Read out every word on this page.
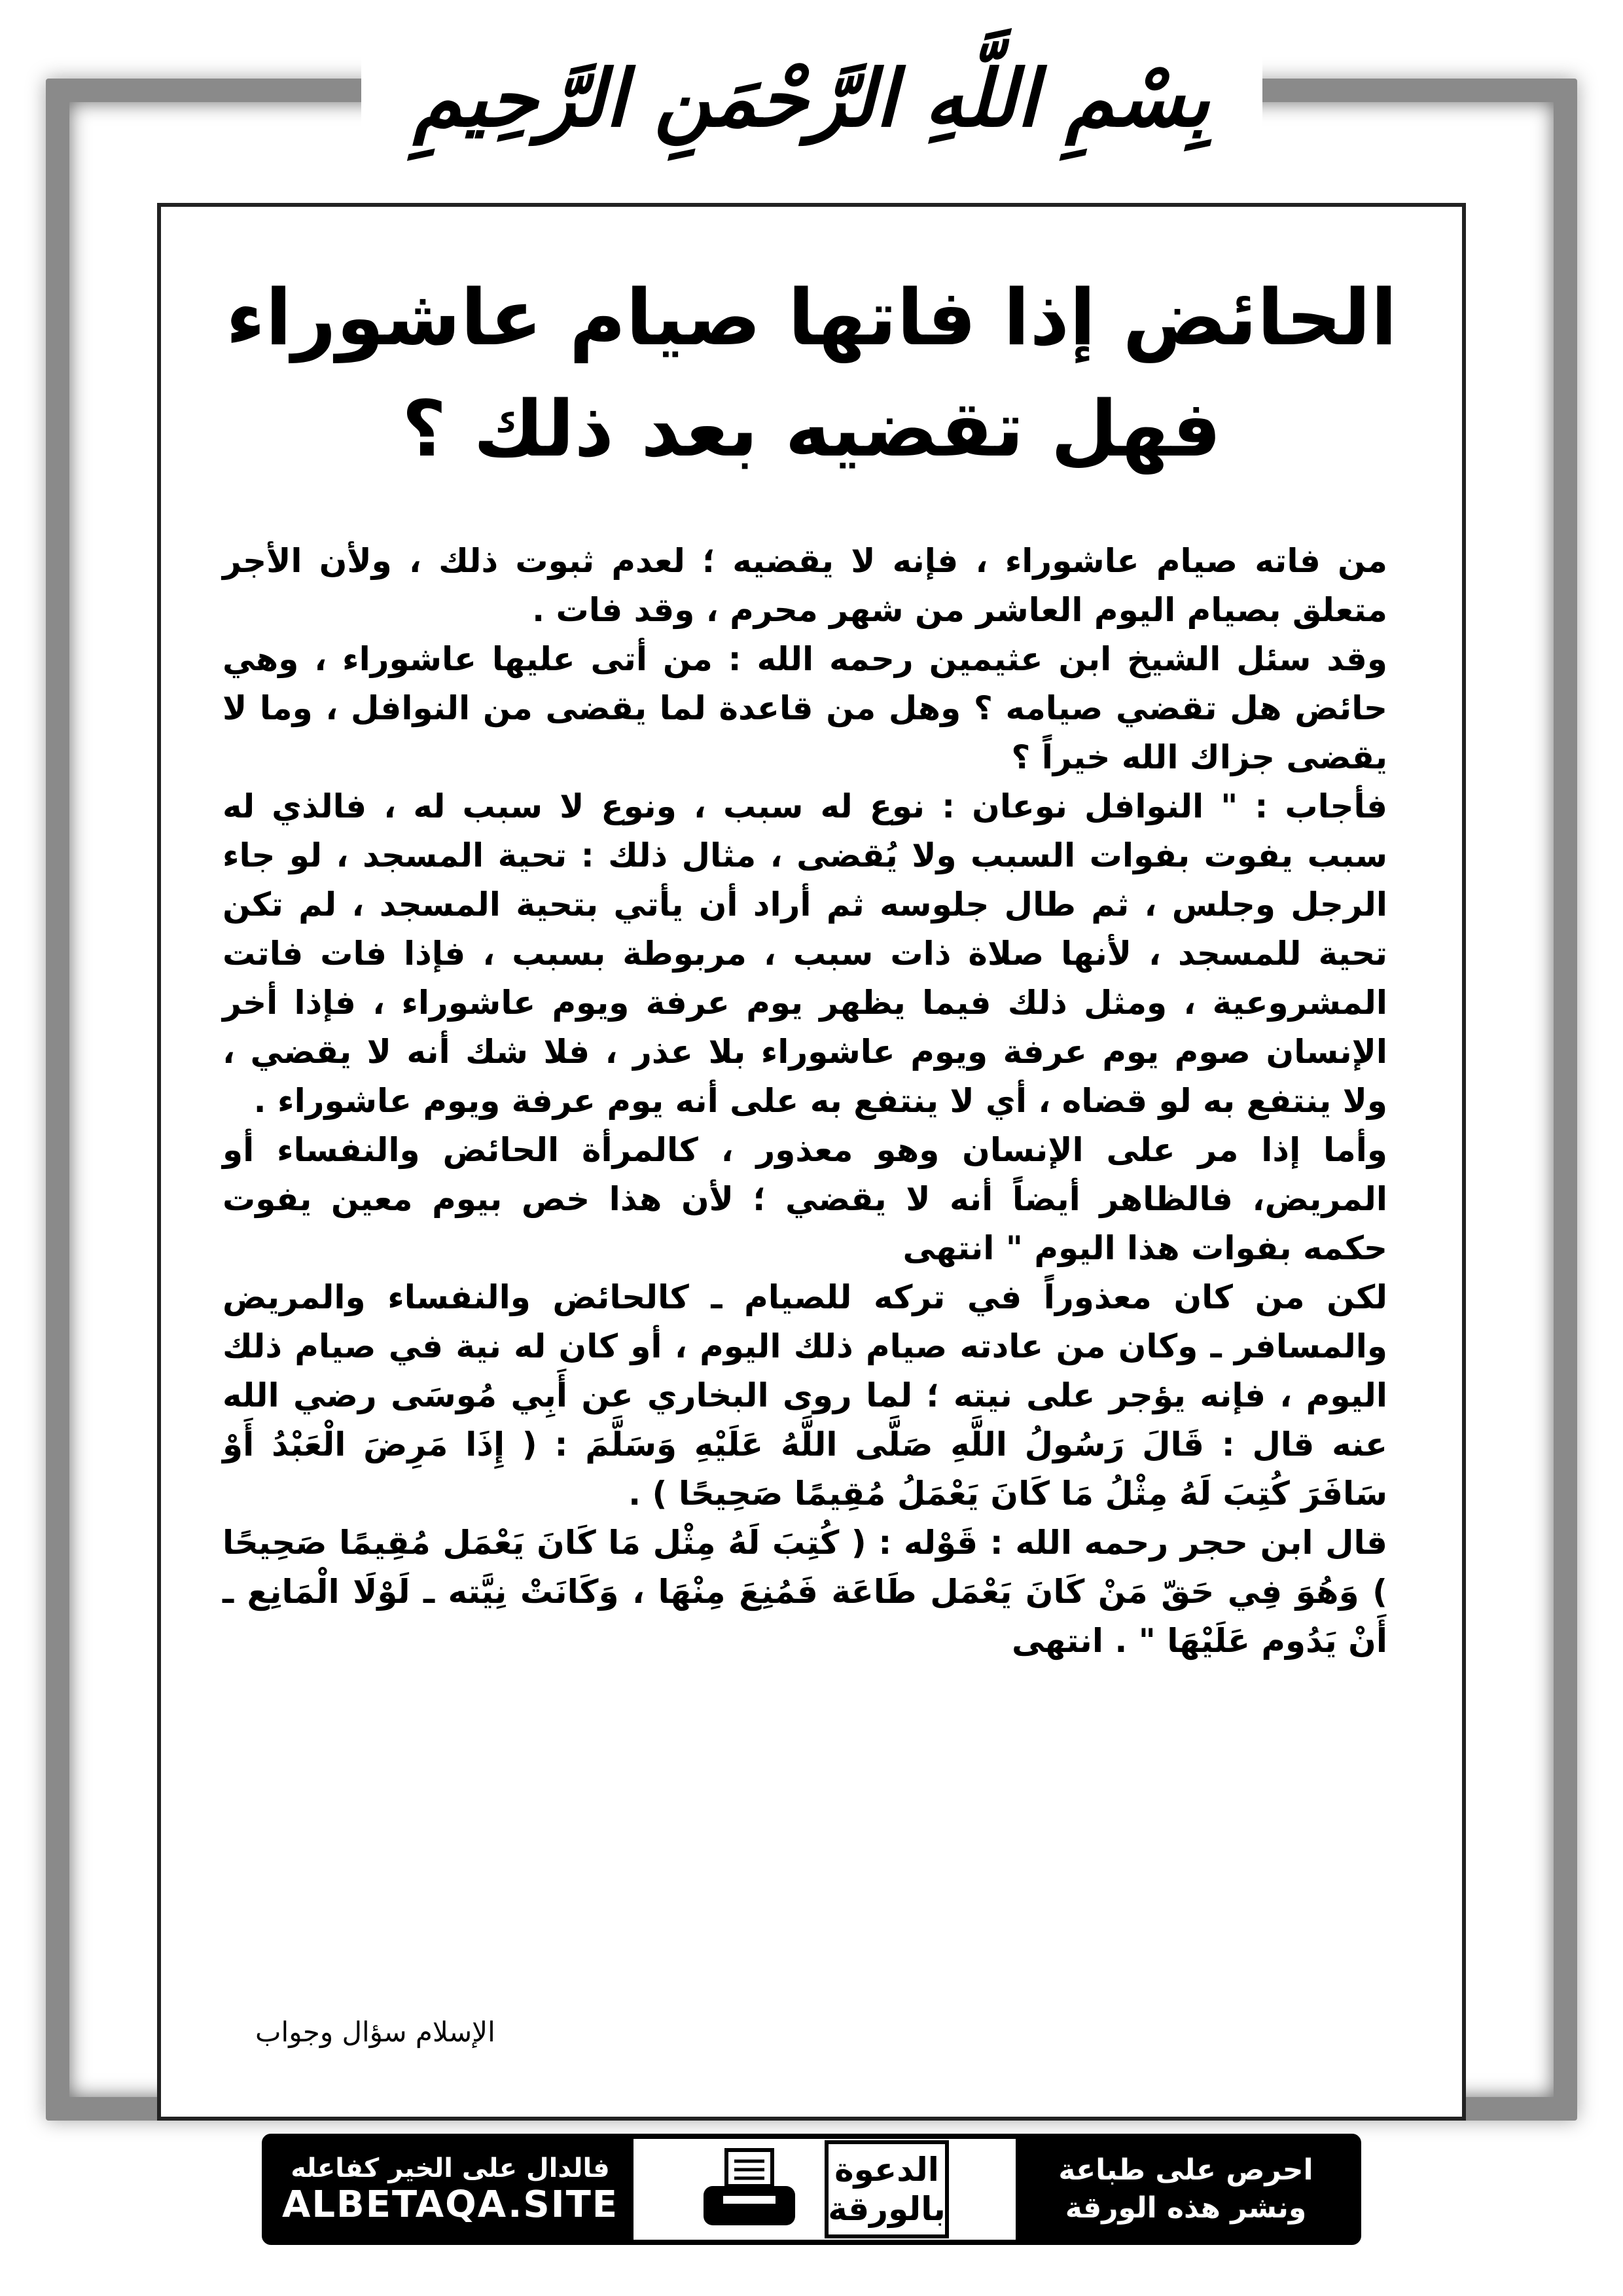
بِسْمِ اللَّهِ الرَّحْمَنِ الرَّحِيمِ
الحائض إذا فاتها صيام عاشوراء
فهل تقضيه بعد ذلك ؟

من فاته صيام عاشوراء ، فإنه لا يقضيه ؛ لعدم ثبوت ذلك ، ولأن الأجر متعلق بصيام اليوم العاشر من شهر محرم ، وقد فات .

وقد سئل الشيخ ابن عثيمين رحمه الله : من أتى عليها عاشوراء ، وهي حائض هل تقضي صيامه ؟ وهل من قاعدة لما يقضى من النوافل ، وما لا يقضى جزاك الله خيراً ؟

فأجاب : " النوافل نوعان : نوع له سبب ، ونوع لا سبب له ، فالذي له سبب يفوت بفوات السبب ولا يُقضى ، مثال ذلك : تحية المسجد ، لو جاء الرجل وجلس ، ثم طال جلوسه ثم أراد أن يأتي بتحية المسجد ، لم تكن تحية للمسجد ، لأنها صلاة ذات سبب ، مربوطة بسبب ، فإذا فات فاتت المشروعية ، ومثل ذلك فيما يظهر يوم عرفة ويوم عاشوراء ، فإذا أخر الإنسان صوم يوم عرفة ويوم عاشوراء بلا عذر ، فلا شك أنه لا يقضي ، ولا ينتفع به لو قضاه ، أي لا ينتفع به على أنه يوم عرفة ويوم عاشوراء .

وأما إذا مر على الإنسان وهو معذور ، كالمرأة الحائض والنفساء أو المريض، فالظاهر أيضاً أنه لا يقضي ؛ لأن هذا خص بيوم معين يفوت حكمه بفوات هذا اليوم " انتهى

لكن من كان معذوراً في تركه للصيام ـ كالحائض والنفساء والمريض والمسافر ـ وكان من عادته صيام ذلك اليوم ، أو كان له نية في صيام ذلك اليوم ، فإنه يؤجر على نيته ؛ لما روى البخاري عن أَبِي مُوسَى رضي الله عنه قال : قَالَ رَسُولُ اللَّهِ صَلَّى اللَّهُ عَلَيْهِ وَسَلَّمَ : ( إِذَا مَرِضَ الْعَبْدُ أَوْ سَافَرَ كُتِبَ لَهُ مِثْلُ مَا كَانَ يَعْمَلُ مُقِيمًا صَحِيحًا ) .

قال ابن حجر رحمه الله : قَوْله : ( كُتِبَ لَهُ مِثْل مَا كَانَ يَعْمَل مُقِيمًا صَحِيحًا ) وَهُوَ فِي حَقّ مَنْ كَانَ يَعْمَل طَاعَة فَمُنِعَ مِنْهَا ، وَكَانَتْ نِيَّته ـ لَوْلَا الْمَانِع ـ أَنْ يَدُوم عَلَيْهَا " . انتهى

الإسلام سؤال وجواب
فالدال على الخير كفاعله
ALBETAQA.SITE
الدعوة
بالورقة
احرص على طباعة
ونشر هذه الورقة
